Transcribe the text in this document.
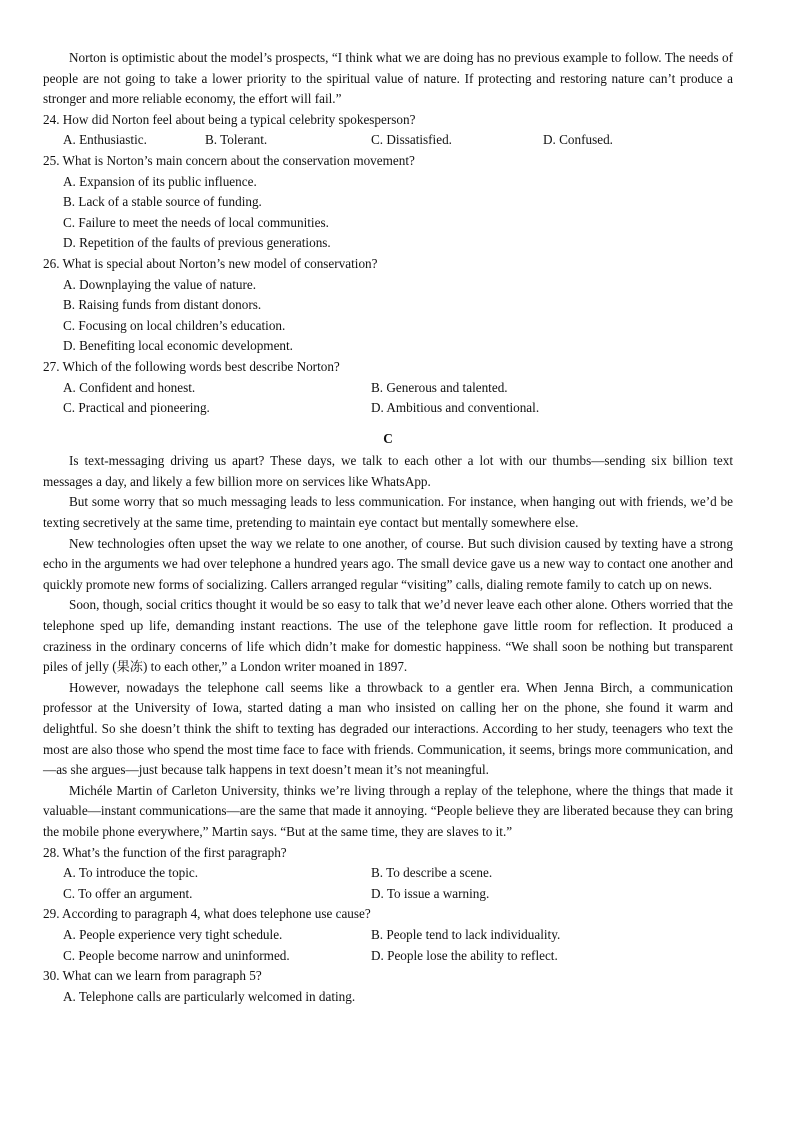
Norton is optimistic about the model’s prospects, “I think what we are doing has no previous example to follow. The needs of people are not going to take a lower priority to the spiritual value of nature. If protecting and restoring nature can’t produce a stronger and more reliable economy, the effort will fail.”

24. How did Norton feel about being a typical celebrity spokesperson?

A. Enthusiastic.	B. Tolerant.	C. Dissatisfied.	D. Confused.

25. What is Norton’s main concern about the conservation movement?

A. Expansion of its public influence.

B. Lack of a stable source of funding.

C. Failure to meet the needs of local communities.

D. Repetition of the faults of previous generations.

26. What is special about Norton’s new model of conservation?

A. Downplaying the value of nature.

B. Raising funds from distant donors.

C. Focusing on local children’s education.

D. Benefiting local economic development.

27. Which of the following words best describe Norton?

A. Confident and honest.	B. Generous and talented.
C. Practical and pioneering.	D. Ambitious and conventional.

C

Is text-messaging driving us apart? These days, we talk to each other a lot with our thumbs—sending six billion text messages a day, and likely a few billion more on services like WhatsApp.

But some worry that so much messaging leads to less communication. For instance, when hanging out with friends, we’d be texting secretively at the same time, pretending to maintain eye contact but mentally somewhere else.

New technologies often upset the way we relate to one another, of course. But such division caused by texting have a strong echo in the arguments we had over telephone a hundred years ago. The small device gave us a new way to contact one another and quickly promote new forms of socializing. Callers arranged regular “visiting” calls, dialing remote family to catch up on news.

Soon, though, social critics thought it would be so easy to talk that we’d never leave each other alone. Others worried that the telephone sped up life, demanding instant reactions. The use of the telephone gave little room for reflection. It produced a craziness in the ordinary concerns of life which didn’t make for domestic happiness. “We shall soon be nothing but transparent piles of jelly (果冻) to each other,” a London writer moaned in 1897.

However, nowadays the telephone call seems like a throwback to a gentler era. When Jenna Birch, a communication professor at the University of Iowa, started dating a man who insisted on calling her on the phone, she found it warm and delightful. So she doesn’t think the shift to texting has degraded our interactions. According to her study, teenagers who text the most are also those who spend the most time face to face with friends. Communication, it seems, brings more communication, and—as she argues—just because talk happens in text doesn’t mean it’s not meaningful.

Michéle Martin of Carleton University, thinks we’re living through a replay of the telephone, where the things that made it valuable—instant communications—are the same that made it annoying. “People believe they are liberated because they can bring the mobile phone everywhere,” Martin says. “But at the same time, they are slaves to it.”

28. What’s the function of the first paragraph?

A. To introduce the topic.	B. To describe a scene.
C. To offer an argument.	D. To issue a warning.

29. According to paragraph 4, what does telephone use cause?

A. People experience very tight schedule.	B. People tend to lack individuality.
C. People become narrow and uninformed.	D. People lose the ability to reflect.

30. What can we learn from paragraph 5?

A. Telephone calls are particularly welcomed in dating.
